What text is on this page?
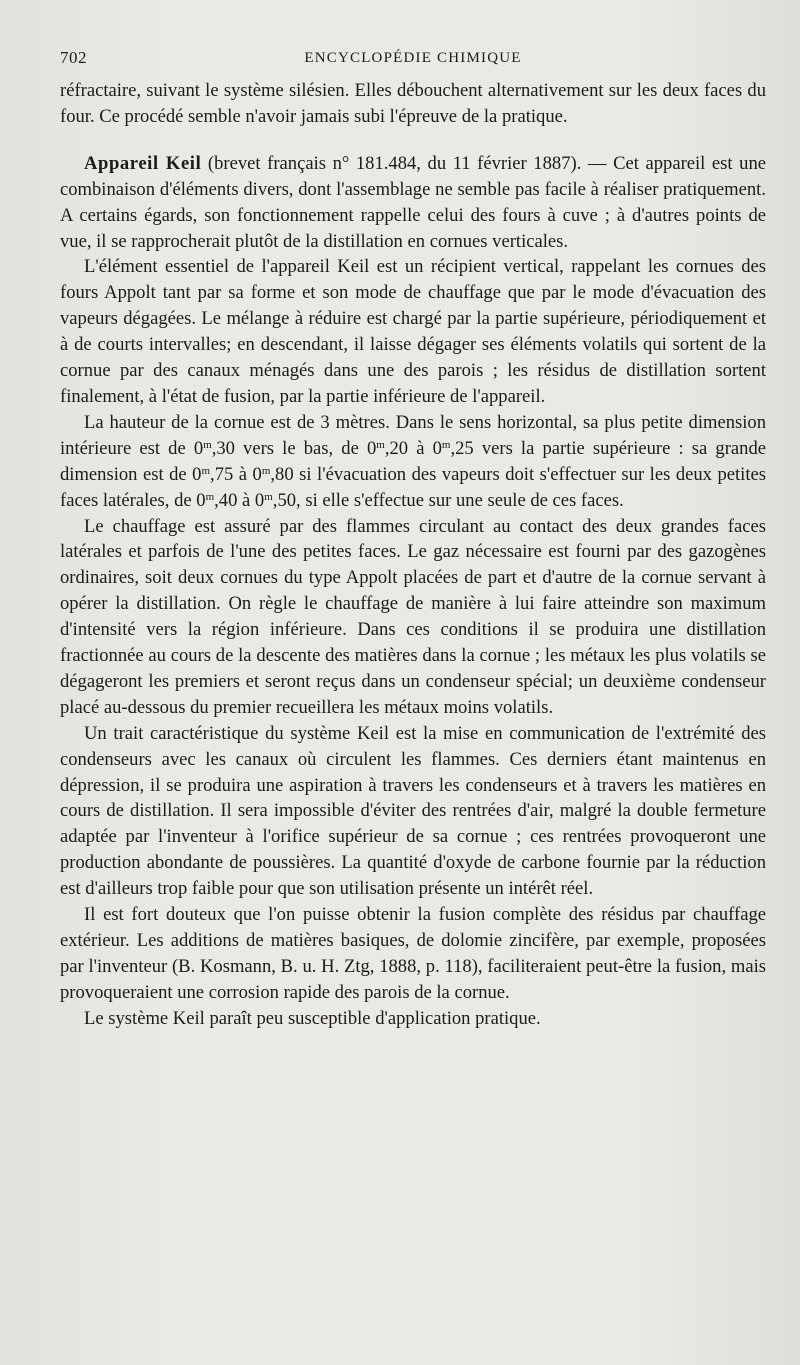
702	ENCYCLOPÉDIE CHIMIQUE

réfractaire, suivant le système silésien. Elles débouchent alternativement sur les deux faces du four. Ce procédé semble n'avoir jamais subi l'épreuve de la pratique.

Appareil Keil (brevet français n° 181.484, du 11 février 1887). — Cet appareil est une combinaison d'éléments divers, dont l'assemblage ne semble pas facile à réaliser pratiquement. A certains égards, son fonctionnement rappelle celui des fours à cuve ; à d'autres points de vue, il se rapprocherait plutôt de la distillation en cornues verticales.

L'élément essentiel de l'appareil Keil est un récipient vertical, rappelant les cornues des fours Appolt tant par sa forme et son mode de chauffage que par le mode d'évacuation des vapeurs dégagées. Le mélange à réduire est chargé par la partie supérieure, périodiquement et à de courts intervalles; en descendant, il laisse dégager ses éléments volatils qui sortent de la cornue par des canaux ménagés dans une des parois ; les résidus de distillation sortent finalement, à l'état de fusion, par la partie inférieure de l'appareil.

La hauteur de la cornue est de 3 mètres. Dans le sens horizontal, sa plus petite dimension intérieure est de 0$^m$,30 vers le bas, de 0$^m$,20 à 0$^m$,25 vers la partie supérieure : sa grande dimension est de 0$^m$,75 à 0$^m$,80 si l'évacuation des vapeurs doit s'effectuer sur les deux petites faces latérales, de 0$^m$,40 à 0$^m$,50, si elle s'effectue sur une seule de ces faces.

Le chauffage est assuré par des flammes circulant au contact des deux grandes faces latérales et parfois de l'une des petites faces. Le gaz nécessaire est fourni par des gazogènes ordinaires, soit deux cornues du type Appolt placées de part et d'autre de la cornue servant à opérer la distillation. On règle le chauffage de manière à lui faire atteindre son maximum d'intensité vers la région inférieure. Dans ces conditions il se produira une distillation fractionnée au cours de la descente des matières dans la cornue ; les métaux les plus volatils se dégageront les premiers et seront reçus dans un condenseur spécial; un deuxième condenseur placé au-dessous du premier recueillera les métaux moins volatils.

Un trait caractéristique du système Keil est la mise en communication de l'extrémité des condenseurs avec les canaux où circulent les flammes. Ces derniers étant maintenus en dépression, il se produira une aspiration à travers les condenseurs et à travers les matières en cours de distillation. Il sera impossible d'éviter des rentrées d'air, malgré la double fermeture adaptée par l'inventeur à l'orifice supérieur de sa cornue ; ces rentrées provoqueront une production abondante de poussières. La quantité d'oxyde de carbone fournie par la réduction est d'ailleurs trop faible pour que son utilisation présente un intérêt réel.

Il est fort douteux que l'on puisse obtenir la fusion complète des résidus par chauffage extérieur. Les additions de matières basiques, de dolomie zincifère, par exemple, proposées par l'inventeur (B. Kosmann, B. u. H. Ztg, 1888, p. 118), faciliteraient peut-être la fusion, mais provoqueraient une corrosion rapide des parois de la cornue.

Le système Keil paraît peu susceptible d'application pratique.
